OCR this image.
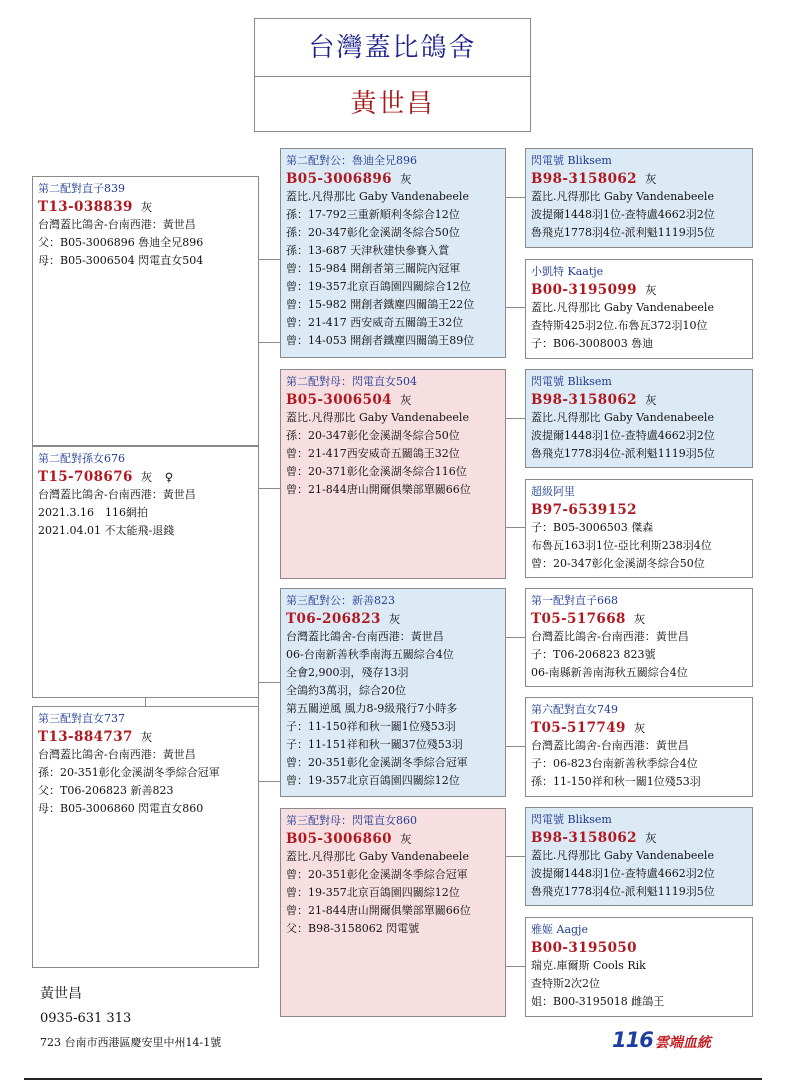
台灣蓋比鴿舍
黃世昌
第二配對直子839
T13-038839 灰
台灣蓋比鴿舍-台南西港：黃世昌
父：B05-3006896 魯迪全兄896
母：B05-3006504 閃電直女504
第二配對孫女676
T15-708676 灰 ♀
台灣蓋比鴿舍-台南西港：黃世昌
2021.3.16　116網拍
2021.04.01 不太能飛-退錢
第三配對直女737
T13-884737 灰
台灣蓋比鴿舍-台南西港：黃世昌
孫：20-351彰化金溪湖冬季綜合冠軍
父：T06-206823 新善823
母：B05-3006860 閃電直女860
第二配對公：魯迪全兄896
B05-3006896 灰
蓋比.凡得那比 Gaby Vandenabeele
孫：17-792三重新順利冬綜合12位
孫：20-347彰化金溪湖冬綜合50位
孫：13-687 天津秋建快參賽入賞
曾：15-984 開創者第三關院內冠軍
曾：19-357北京百鴿園四關綜合12位
曾：15-982 開創者鐵塵四關鴿王22位
曾：21-417 西安威奇五關鴿王32位
曾：14-053 開創者鐵塵四關鴿王89位
第二配對母：閃電直女504
B05-3006504 灰
蓋比.凡得那比 Gaby Vandenabeele
孫：20-347彰化金溪湖冬綜合50位
曾：21-417西安威奇五關鴿王32位
曾：20-371彰化金溪湖冬綜合116位
曾：21-844唐山開爾俱樂部單關66位
第三配對公：新善823
T06-206823 灰
台灣蓋比鴿舍-台南西港：黃世昌
06-台南新善秋季南海五關綜合4位
全會2,900羽，殘存13羽
全鴿約3萬羽，綜合20位
第五關逆風 風力8-9級飛行7小時多
子：11-150祥和秋一關1位殘53羽
子：11-151祥和秋一關37位殘53羽
曾：20-351彰化金溪湖冬季綜合冠軍
曾：19-357北京百鴿園四關綜12位
第三配對母：閃電直女860
B05-3006860 灰
蓋比.凡得那比 Gaby Vandenabeele
曾：20-351彰化金溪湖冬季綜合冠軍
曾：19-357北京百鴿園四關綜12位
曾：21-844唐山開爾俱樂部單關66位
父：B98-3158062 閃電號
閃電號 Bliksem
B98-3158062 灰
蓋比.凡得那比 Gaby Vandenabeele
波提爾1448羽1位-查特盧4662羽2位
魯飛克1778羽4位-派利魁1119羽5位
小凱特 Kaatje
B00-3195099 灰
蓋比.凡得那比 Gaby Vandenabeele
查特斯425羽2位.布魯瓦372羽10位
子：B06-3008003 魯迪
閃電號 Bliksem
B98-3158062 灰
蓋比.凡得那比 Gaby Vandenabeele
波提爾1448羽1位-查特盧4662羽2位
魯飛克1778羽4位-派利魁1119羽5位
超級阿里
B97-6539152
子：B05-3006503 傑森
布魯瓦163羽1位-亞比利斯238羽4位
曾：20-347彰化金溪湖冬綜合50位
第一配對直子668
T05-517668 灰
台灣蓋比鴿舍-台南西港：黃世昌
子：T06-206823 823號
06-南縣新善南海秋五關綜合4位
第六配對直女749
T05-517749 灰
台灣蓋比鴿舍-台南西港：黃世昌
子：06-823台南新善秋季綜合4位
孫：11-150祥和秋一關1位殘53羽
閃電號 Bliksem
B98-3158062 灰
蓋比.凡得那比 Gaby Vandenabeele
波提爾1448羽1位-查特盧4662羽2位
魯飛克1778羽4位-派利魁1119羽5位
雅姬 Aagje
B00-3195050
瑞克.庫爾斯 Cools Rik
查特斯2次2位
姐：B00-3195018 雌鴿王
黃世昌
0935-631 313
723 台南市西港區慶安里中州14-1號	116 雲端血統
